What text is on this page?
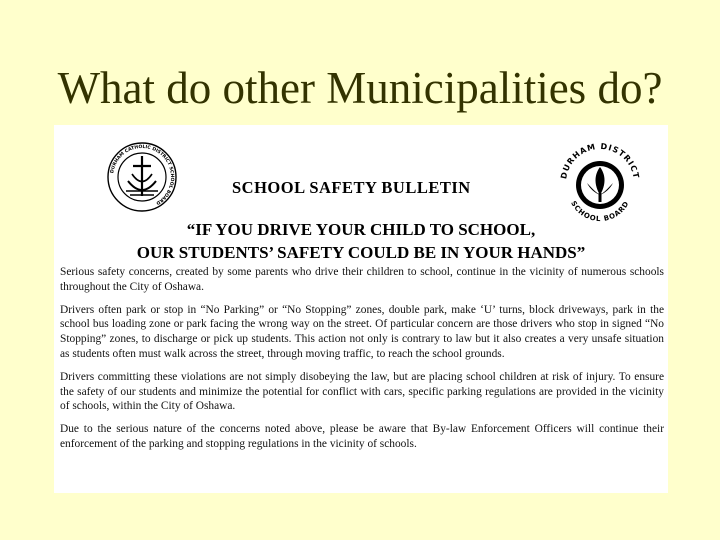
What do other Municipalities do?
DURHAM CATHOLIC DISTRICT SCHOOL BOARD
DURHAM DISTRICT
SCHOOL BOARD
SCHOOL SAFETY BULLETIN
“IF YOU DRIVE YOUR CHILD TO SCHOOL,
OUR STUDENTS’ SAFETY COULD BE IN YOUR HANDS”

Serious safety concerns, created by some parents who drive their children to school, continue in the vicinity of numerous schools throughout the City of Oshawa.

Drivers often park or stop in “No Parking” or “No Stopping” zones, double park, make ‘U’ turns, block driveways, park in the school bus loading zone or park facing the wrong way on the street. Of particular concern are those drivers who stop in signed “No Stopping” zones, to discharge or pick up students. This action not only is contrary to law but it also creates a very unsafe situation as students often must walk across the street, through moving traffic, to reach the school grounds.

Drivers committing these violations are not simply disobeying the law, but are placing school children at risk of injury. To ensure the safety of our students and minimize the potential for conflict with cars, specific parking regulations are provided in the vicinity of schools, within the City of Oshawa.

Due to the serious nature of the concerns noted above, please be aware that By-law Enforcement Officers will continue their enforcement of the parking and stopping regulations in the vicinity of schools.
